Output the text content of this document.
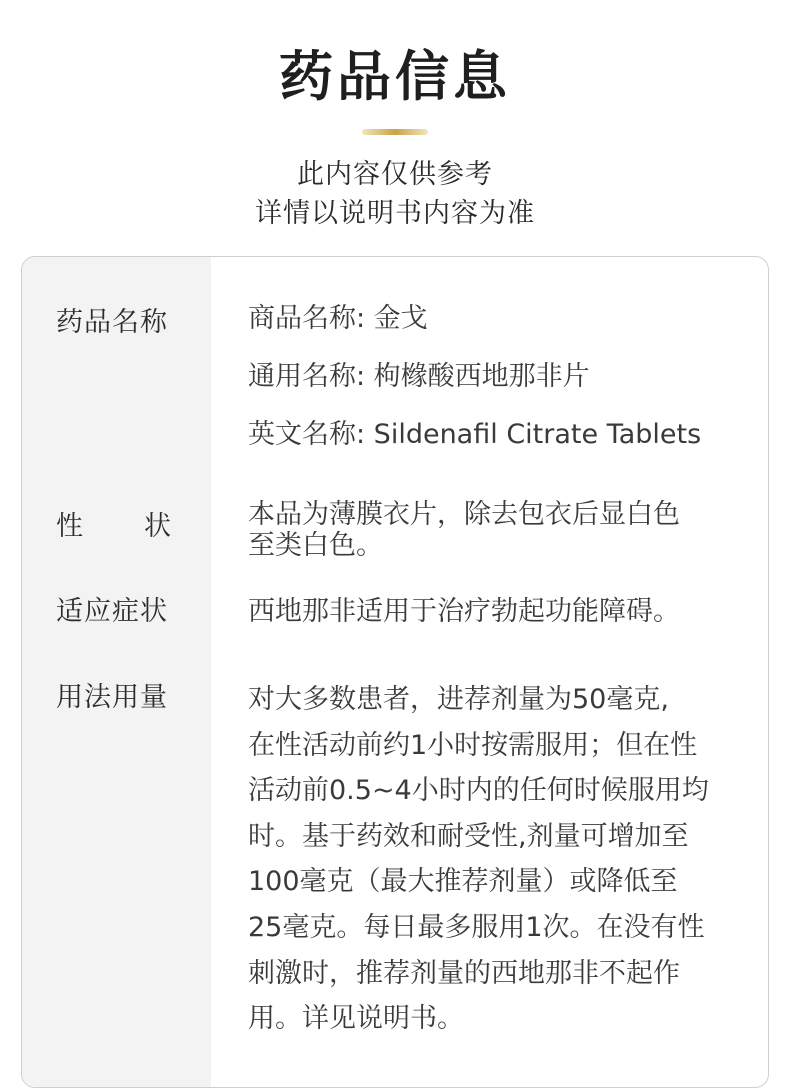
药品信息
此内容仅供参考
详情以说明书内容为准
药品名称	商品名称: 金戈
通用名称: 枸橼酸西地那非片
英文名称: Sildenafil Citrate Tablets
性　　状	本品为薄膜衣片，除去包衣后显白色
至类白色。
适应症状	西地那非适用于治疗勃起功能障碍。
用法用量	对大多数患者，进荐剂量为50毫克,
在性活动前约1小时按需服用；但在性
活动前0.5~4小时内的任何时候服用均
时。基于药效和耐受性,剂量可增加至
100毫克（最大推荐剂量）或降低至
25毫克。每日最多服用1次。在没有性
刺激时，推荐剂量的西地那非不起作
用。详见说明书。
